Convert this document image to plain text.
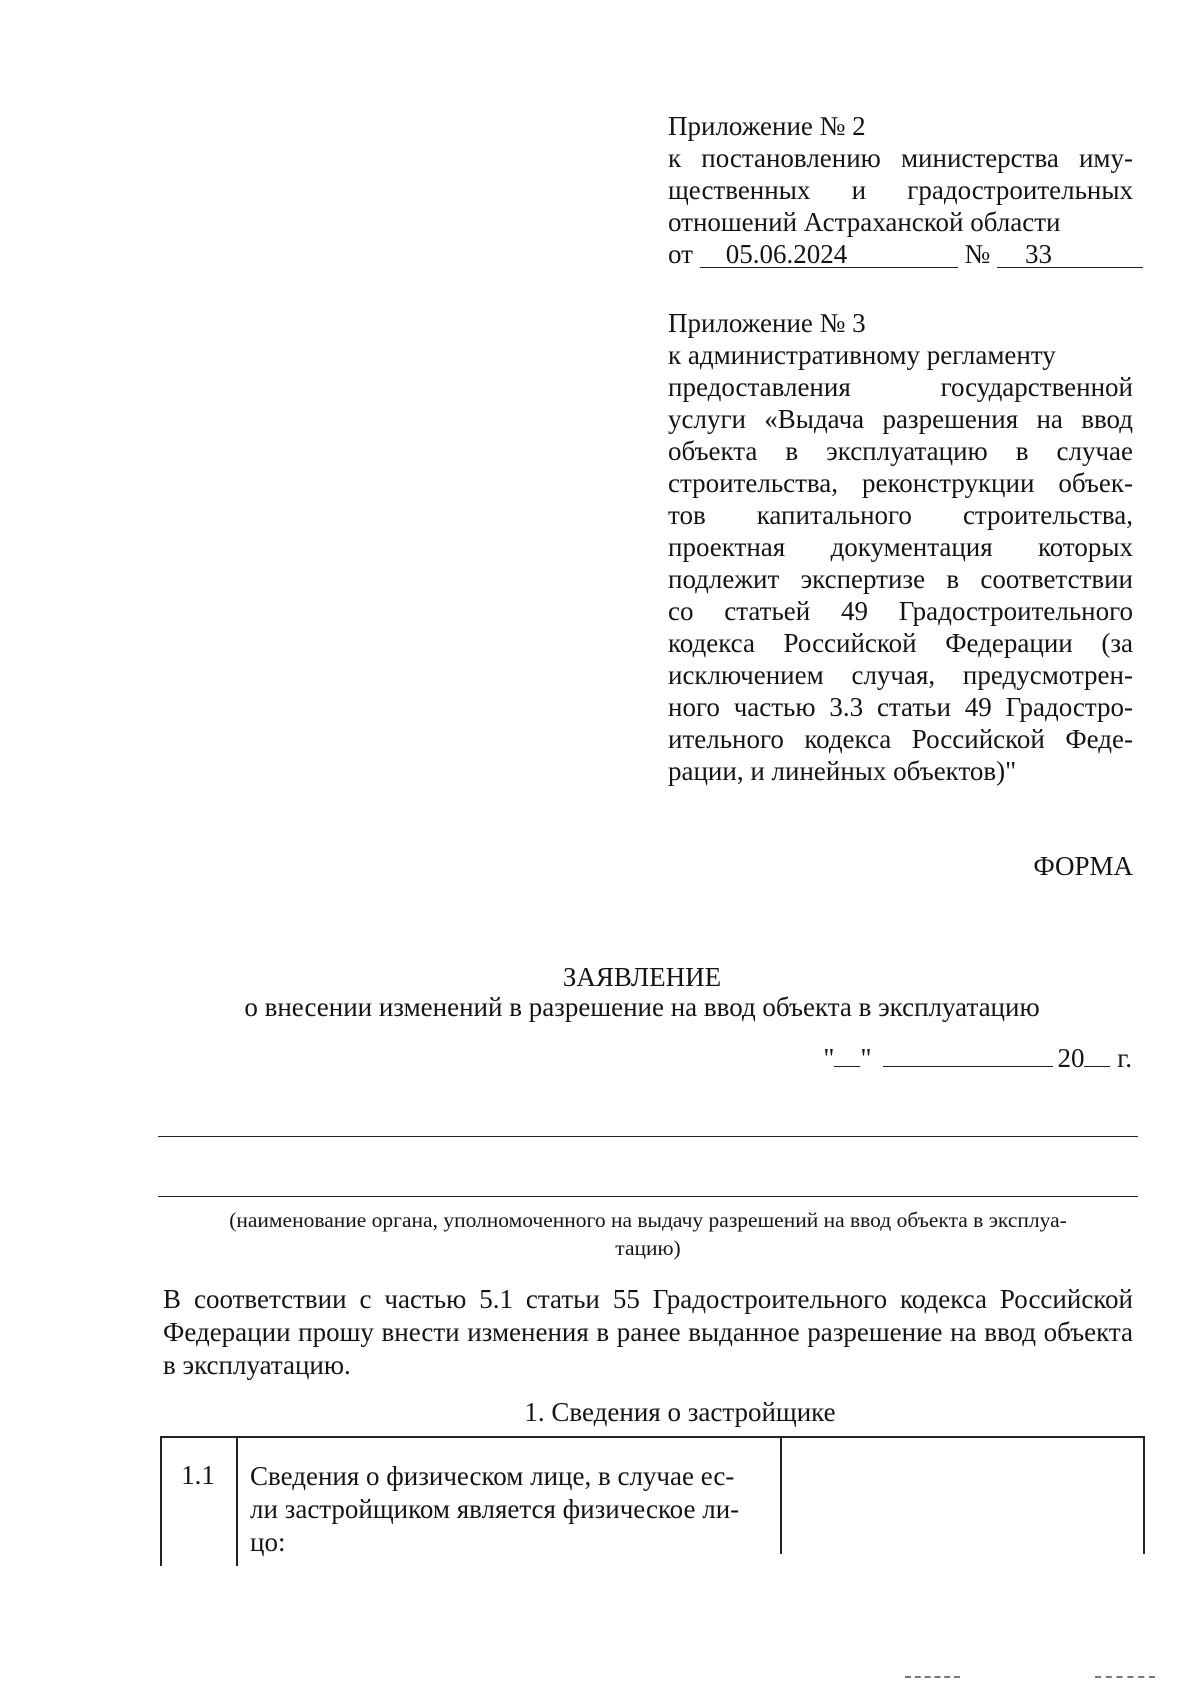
Приложение № 2
к постановлению министерства иму-
щественных и градостроительных
отношений Астраханской области
от 05.06.2024	№ 33
Приложение № 3
к административному регламенту
предоставления государственной
услуги «Выдача разрешения на ввод
объекта в эксплуатацию в случае
строительства, реконструкции объек-
тов капитального строительства,
проектная документация которых
подлежит экспертизе в соответствии
со статьей 49 Градостроительного
кодекса Российской Федерации (за
исключением случая, предусмотрен-
ного частью 3.3 статьи 49 Градостро-
ительного кодекса Российской Феде-
рации, и линейных объектов)"
ФОРМА
ЗАЯВЛЕНИЕ
о внесении изменений в разрешение на ввод объекта в эксплуатацию
" "	20 г.
(наименование органа, уполномоченного на выдачу разрешений на ввод объекта в эксплуа-
тацию)
В соответствии с частью 5.1 статьи 55 Градостроительного кодекса Российской Федерации прошу внести изменения в ранее выданное разрешение на ввод объекта в эксплуатацию.
1. Сведения о застройщике
1.1	Сведения о физическом лице, в случае ес-
ли застройщиком является физическое ли-
цо:
